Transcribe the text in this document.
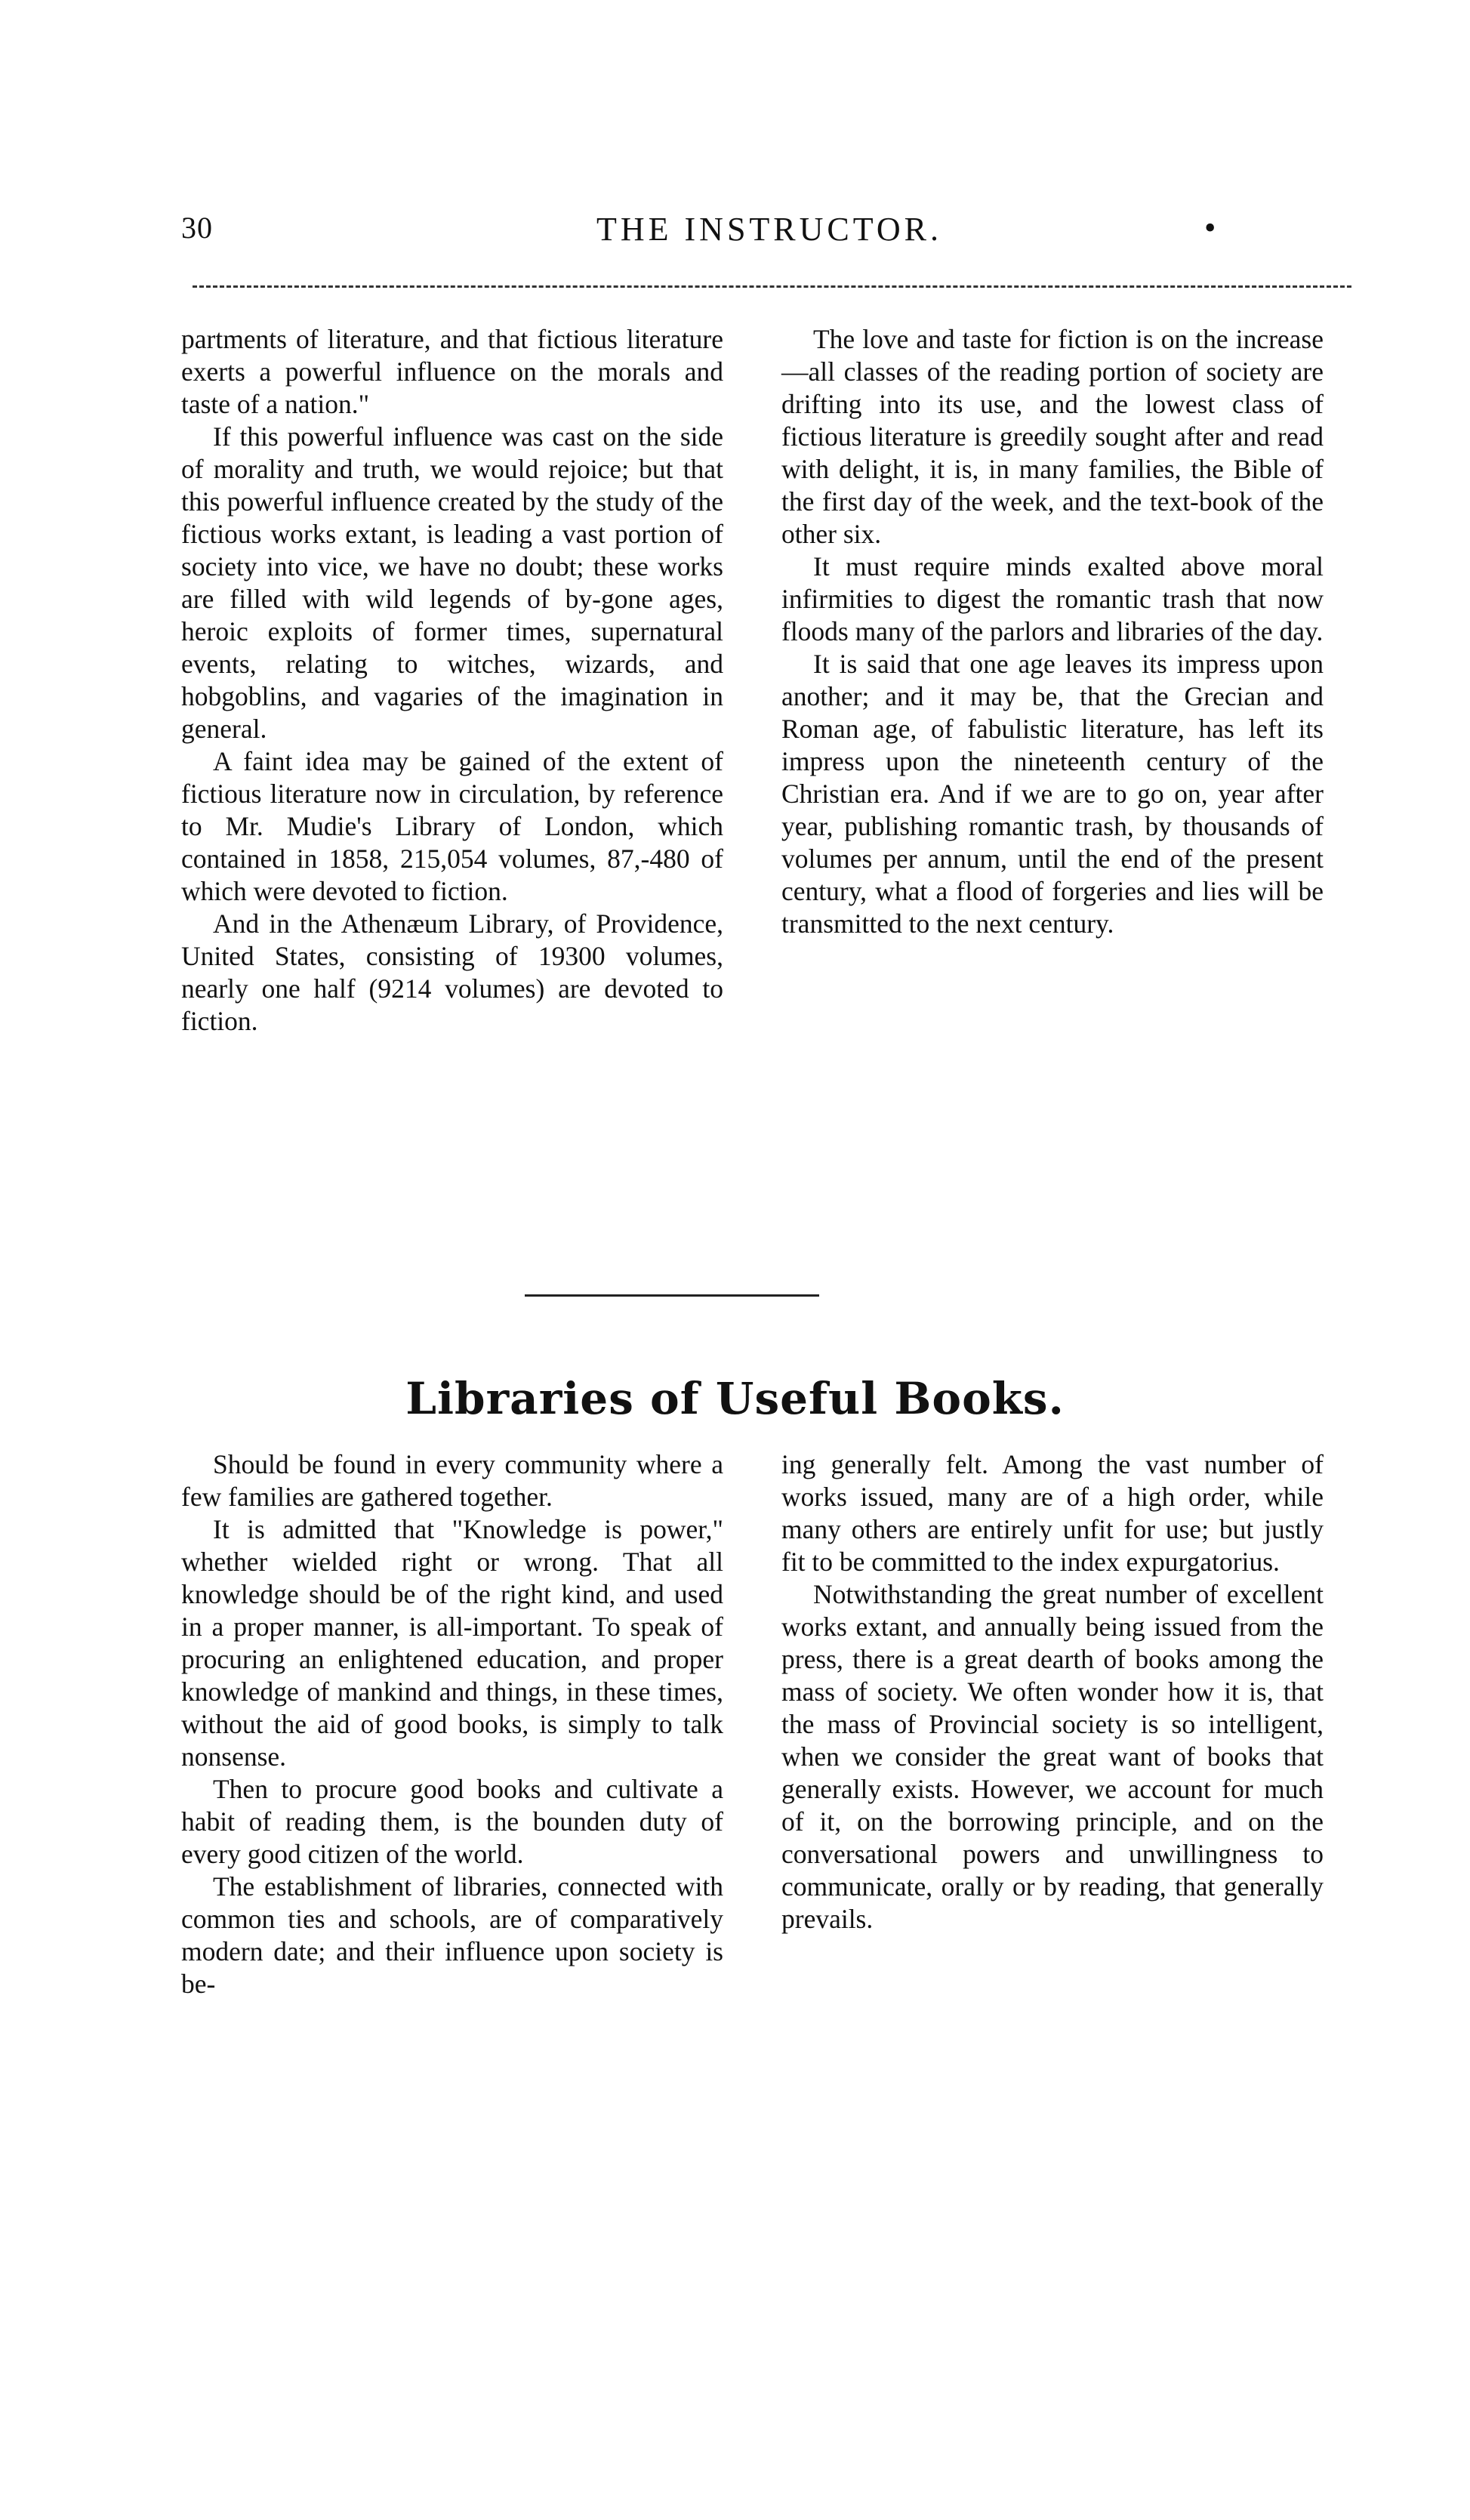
30	THE INSTRUCTOR.	•

partments of literature, and that fictious literature exerts a powerful influence on the morals and taste of a nation."

If this powerful influence was cast on the side of morality and truth, we would rejoice; but that this powerful influence created by the study of the fictious works extant, is leading a vast portion of society into vice, we have no doubt; these works are filled with wild legends of by-gone ages, heroic exploits of former times, supernatural events, relating to witches, wizards, and hobgoblins, and vagaries of the imagination in general.

A faint idea may be gained of the extent of fictious literature now in circulation, by reference to Mr. Mudie's Library of London, which contained in 1858, 215,054 volumes, 87,-480 of which were devoted to fiction.

And in the Athenæum Library, of Providence, United States, consisting of 19300 volumes, nearly one half (9214 volumes) are devoted to fiction.

The love and taste for fiction is on the increase—all classes of the reading portion of society are drifting into its use, and the lowest class of fictious literature is greedily sought after and read with delight, it is, in many families, the Bible of the first day of the week, and the text-book of the other six.

It must require minds exalted above moral infirmities to digest the romantic trash that now floods many of the parlors and libraries of the day.

It is said that one age leaves its impress upon another; and it may be, that the Grecian and Roman age, of fabulistic literature, has left its impress upon the nineteenth century of the Christian era. And if we are to go on, year after year, publishing romantic trash, by thousands of volumes per annum, until the end of the present century, what a flood of forgeries and lies will be transmitted to the next century.

Libraries of Useful Books.

Should be found in every community where a few families are gathered together.

It is admitted that "Knowledge is power," whether wielded right or wrong. That all knowledge should be of the right kind, and used in a proper manner, is all-important. To speak of procuring an enlightened education, and proper knowledge of mankind and things, in these times, without the aid of good books, is simply to talk nonsense.

Then to procure good books and cultivate a habit of reading them, is the bounden duty of every good citizen of the world.

The establishment of libraries, connected with common ties and schools, are of comparatively modern date; and their influence upon society is be-

ing generally felt. Among the vast number of works issued, many are of a high order, while many others are entirely unfit for use; but justly fit to be committed to the index expurgatorius.

Notwithstanding the great number of excellent works extant, and annually being issued from the press, there is a great dearth of books among the mass of society. We often wonder how it is, that the mass of Provincial society is so intelligent, when we consider the great want of books that generally exists. However, we account for much of it, on the borrowing principle, and on the conversational powers and unwillingness to communicate, orally or by reading, that generally prevails.
